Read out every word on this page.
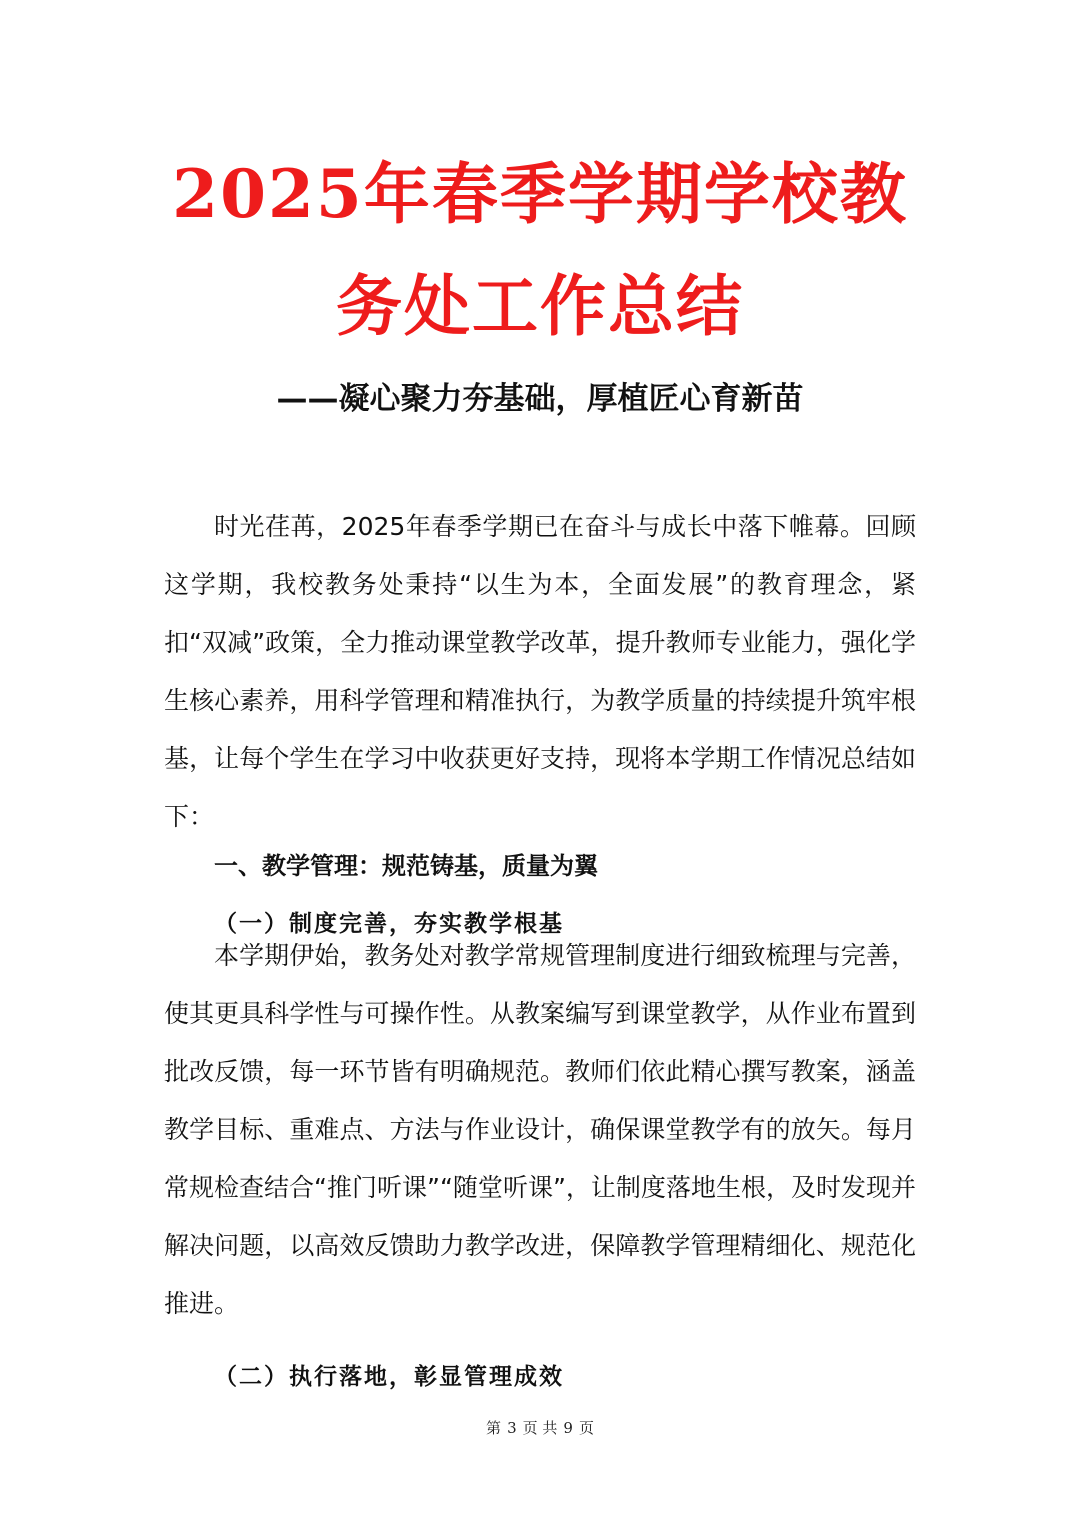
2025年春季学期学校教
务处工作总结
——凝心聚力夯基础，厚植匠心育新苗

时光荏苒，2025年春季学期已在奋斗与成长中落下帷幕。回顾这学期，我校教务处秉持“以生为本，全面发展”的教育理念，紧扣“双减”政策，全力推动课堂教学改革，提升教师专业能力，强化学生核心素养，用科学管理和精准执行，为教学质量的持续提升筑牢根基，让每个学生在学习中收获更好支持，现将本学期工作情况总结如下：

一、教学管理：规范铸基，质量为翼
（一）制度完善，夯实教学根基

本学期伊始，教务处对教学常规管理制度进行细致梳理与完善，使其更具科学性与可操作性。从教案编写到课堂教学，从作业布置到批改反馈，每一环节皆有明确规范。教师们依此精心撰写教案，涵盖教学目标、重难点、方法与作业设计，确保课堂教学有的放矢。每月常规检查结合“推门听课”“随堂听课”，让制度落地生根，及时发现并解决问题，以高效反馈助力教学改进，保障教学管理精细化、规范化推进。

（二）执行落地，彰显管理成效
第 3 页 共 9 页
